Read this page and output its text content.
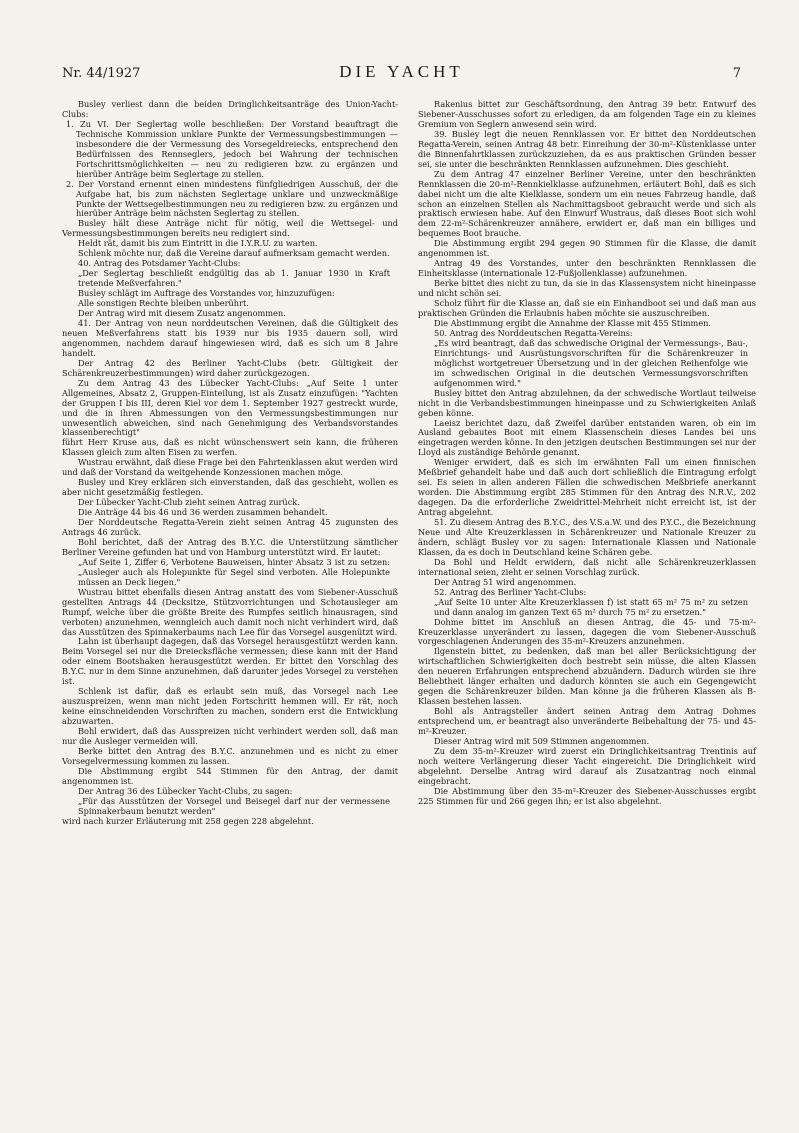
Nr. 44/1927	DIE YACHT	7

Busley verliest dann die beiden Dringlichkeitsanträge des Union-Yacht-Clubs:

1. Zu VI. Der Seglertag wolle beschließen: Der Vorstand beauftragt die Technische Kommission unklare Punkte der Vermessungsbestimmungen — insbesondere die der Vermessung des Vorsegeldreiecks, entsprechend den Bedürfnissen des Rennseglers, jedoch bei Wahrung der technischen Fortschrittsmöglichkeiten — neu zu redigieren bzw. zu ergänzen und hierüber Anträge beim Seglertage zu stellen.

2. Der Vorstand ernennt einen mindestens fünfgliedrigen Ausschuß, der die Aufgabe hat, bis zum nächsten Seglertage unklare und unzweckmäßige Punkte der Wettsegelbestimmungen neu zu redigieren bzw. zu ergänzen und hierüber Anträge beim nächsten Seglertag zu stellen.

Busley hält diese Anträge nicht für nötig, weil die Wettsegel- und Vermessungsbestimmungen bereits neu redigiert sind.

Heldt rät, damit bis zum Eintritt in die I.Y.R.U. zu warten.

Schlenk möchte nur, daß die Vereine darauf aufmerksam gemacht werden.

40. Antrag des Potsdamer Yacht-Clubs:

„Der Seglertag beschließt endgültig das ab 1. Januar 1930 in Kraft tretende Meßverfahren."

Busley schlägt im Auftrage des Vorstandes vor, hinzuzufügen:

Alle sonstigen Rechte bleiben unberührt.

Der Antrag wird mit diesem Zusatz angenommen.

41. Der Antrag von neun norddeutschen Vereinen, daß die Gültigkeit des neuen Meßverfahrens statt bis 1939 nur bis 1935 dauern soll, wird angenommen, nachdem darauf hingewiesen wird, daß es sich um 8 Jahre handelt.

Der Antrag 42 des Berliner Yacht-Clubs (betr. Gültigkeit der Schärenkreuzerbestimmungen) wird daher zurückgezogen.

Zu dem Antrag 43 des Lübecker Yacht-Clubs: „Auf Seite 1 unter Allgemeines, Absatz 2, Gruppen-Einteilung, ist als Zusatz einzufügen: "Yachten der Gruppen I bis III, deren Kiel vor dem 1. September 1927 gestreckt wurde, und die in ihren Abmessungen von den Vermessungsbestimmungen nur unwesentlich abweichen, sind nach Genehmigung des Verbandsvorstandes klassenberechtigt"

führt Herr Kruse aus, daß es nicht wünschenswert sein kann, die früheren Klassen gleich zum alten Eisen zu werfen.

Wustrau erwähnt, daß diese Frage bei den Fahrtenklassen akut werden wird und daß der Vorstand da weitgehende Konzessionen machen möge.

Busley und Krey erklären sich einverstanden, daß das geschieht, wollen es aber nicht gesetzmäßig festlegen.

Der Lübecker Yacht-Club zieht seinen Antrag zurück.

Die Anträge 44 bis 46 und 36 werden zusammen behandelt.

Der Norddeutsche Regatta-Verein zieht seinen Antrag 45 zugunsten des Antrags 46 zurück.

Bohl berichtet, daß der Antrag des B.Y.C. die Unterstützung sämtlicher Berliner Vereine gefunden hat und von Hamburg unterstützt wird. Er lautet:

„Auf Seite 1, Ziffer 6, Verbotene Bauweisen, hinter Absatz 3 ist zu setzen: „Ausleger auch als Holepunkte für Segel sind verboten. Alle Holepunkte müssen an Deck liegen."

Wustrau bittet ebenfalls diesen Antrag anstatt des vom Siebener-Ausschuß gestellten Antrags 44 (Decksitze, Stützvorrichtungen und Schotausleger am Rumpf, welche über die größte Breite des Rumpfes seitlich hinausragen, sind verboten) anzunehmen, wenngleich auch damit noch nicht verhindert wird, daß das Ausstützen des Spinnakerbaums nach Lee für das Vorsegel ausgenützt wird.

Lahn ist überhaupt dagegen, daß das Vorsegel herausgestützt werden kann. Beim Vorsegel sei nur die Dreiecksfläche vermessen; diese kann mit der Hand oder einem Bootshaken herausgestützt werden. Er bittet den Vorschlag des B.Y.C. nur in dem Sinne anzunehmen, daß darunter jedes Vorsegel zu verstehen ist.

Schlenk ist dafür, daß es erlaubt sein muß, das Vorsegel nach Lee auszuspreizen, wenn man nicht jeden Fortschritt hemmen will. Er rät, noch keine einschneidenden Vorschriften zu machen, sondern erst die Entwicklung abzuwarten.

Bohl erwidert, daß das Ausspreizen nicht verhindert werden soll, daß man nur die Ausleger vermeiden will.

Berke bittet den Antrag des B.Y.C. anzunehmen und es nicht zu einer Vorsegelvermessung kommen zu lassen.

Die Abstimmung ergibt 544 Stimmen für den Antrag, der damit angenommen ist.

Der Antrag 36 des Lübecker Yacht-Clubs, zu sagen:

„Für das Ausstützen der Vorsegel und Beisegel darf nur der vermessene Spinnakerbaum benutzt werden"

wird nach kurzer Erläuterung mit 258 gegen 228 abgelehnt.

Rakenius bittet zur Geschäftsordnung, den Antrag 39 betr. Entwurf des Siebener-Ausschusses sofort zu erledigen, da am folgenden Tage ein zu kleines Gremium von Seglern anwesend sein wird.

39. Busley legt die neuen Rennklassen vor. Er bittet den Norddeutschen Regatta-Verein, seinen Antrag 48 betr. Einreihung der 30-m²-Küstenklasse unter die Binnenfahrtklassen zurückzuziehen, da es aus praktischen Gründen besser sei, sie unter die beschränkten Rennklassen aufzunehmen. Dies geschieht.

Zu dem Antrag 47 einzelner Berliner Vereine, unter den beschränkten Rennklassen die 20-m²-Rennkielklasse aufzunehmen, erläutert Bohl, daß es sich dabei nicht um die alte Kielklasse, sondern um ein neues Fahrzeug handle, daß schon an einzelnen Stellen als Nachmittagsboot gebraucht werde und sich als praktisch erwiesen habe. Auf den Einwurf Wustraus, daß dieses Boot sich wohl dem 22-m²-Schärenkreuzer annähere, erwidert er, daß man ein billiges und bequemes Boot brauche.

Die Abstimmung ergibt 294 gegen 90 Stimmen für die Klasse, die damit angenommen ist.

Antrag 49 des Vorstandes, unter den beschränkten Rennklassen die Einheitsklasse (internationale 12-Fußjollenklasse) aufzunehmen.

Berke bittet dies nicht zu tun, da sie in das Klassensystem nicht hineinpasse und nicht schön sei.

Scholz führt für die Klasse an, daß sie ein Einhandboot sei und daß man aus praktischen Gründen die Erlaubnis haben möchte sie auszuschreiben.

Die Abstimmung ergibt die Annahme der Klasse mit 455 Stimmen.

50. Antrag des Norddeutschen Regatta-Vereins:

„Es wird beantragt, daß das schwedische Original der Vermessungs-, Bau-, Einrichtungs- und Ausrüstungsvorschriften für die Schärenkreuzer in möglichst wortgetreuer Übersetzung und in der gleichen Reihenfolge wie im schwedischen Original in die deutschen Vermessungsvorschriften aufgenommen wird."

Busley bittet den Antrag abzulehnen, da der schwedische Wortlaut teilweise nicht in die Verbandsbestimmungen hineinpasse und zu Schwierigkeiten Anlaß geben könne.

Laeisz berichtet dazu, daß Zweifel darüber entstanden waren, ob ein im Ausland gebautes Boot mit einem Klassenschein dieses Landes bei uns eingetragen werden könne. In den jetzigen deutschen Bestimmungen sei nur der Lloyd als zuständige Behörde genannt.

Weniger erwidert, daß es sich im erwähnten Fall um einen finnischen Meßbrief gehandelt habe und daß auch dort schließlich die Eintragung erfolgt sei. Es seien in allen anderen Fällen die schwedischen Meßbriefe anerkannt worden. Die Abstimmung ergibt 285 Stimmen für den Antrag des N.R.V., 202 dagegen. Da die erforderliche Zweidrittel-Mehrheit nicht erreicht ist, ist der Antrag abgelehnt.

51. Zu diesem Antrag des B.Y.C., des V.S.a.W. und des P.Y.C., die Bezeichnung Neue und Alte Kreuzerklassen in Schärenkreuzer und Nationale Kreuzer zu ändern, schlägt Busley vor zu sagen: Internationale Klassen und Nationale Klassen, da es doch in Deutschland keine Schären gebe.

Da Bohl und Heldt erwidern, daß nicht alle Schärenkreuzerklassen international seien, zieht er seinen Vorschlag zurück.

Der Antrag 51 wird angenommen.

52. Antrag des Berliner Yacht-Clubs:

„Auf Seite 10 unter Alte Kreuzerklassen f) ist statt 65 m² 75 m² zu setzen und dann analog im ganzen Text 65 m² durch 75 m² zu ersetzen."

Dohme bittet im Anschluß an diesen Antrag, die 45- und 75-m²-Kreuzerklasse unverändert zu lassen, dagegen die vom Siebener-Ausschuß vorgeschlagenen Änderungen des 35-m²-Kreuzers anzunehmen.

Ilgenstein bittet, zu bedenken, daß man bei aller Berücksichtigung der wirtschaftlichen Schwierigkeiten doch bestrebt sein müsse, die alten Klassen den neueren Erfahrungen entsprechend abzuändern. Dadurch würden sie ihre Beliebtheit länger erhalten und dadurch könnten sie auch ein Gegengewicht gegen die Schärenkreuzer bilden. Man könne ja die früheren Klassen als B-Klassen bestehen lassen.

Bohl als Antragsteller ändert seinen Antrag dem Antrag Dohmes entsprechend um, er beantragt also unveränderte Beibehaltung der 75- und 45-m²-Kreuzer.

Dieser Antrag wird mit 509 Stimmen angenommen.

Zu dem 35-m²-Kreuzer wird zuerst ein Dringlichkeitsantrag Trentinis auf noch weitere Verlängerung dieser Yacht eingereicht. Die Dringlichkeit wird abgelehnt. Derselbe Antrag wird darauf als Zusatzantrag noch einmal eingebracht.

Die Abstimmung über den 35-m²-Kreuzer des Siebener-Ausschusses ergibt 225 Stimmen für und 266 gegen ihn; er ist also abgelehnt.
